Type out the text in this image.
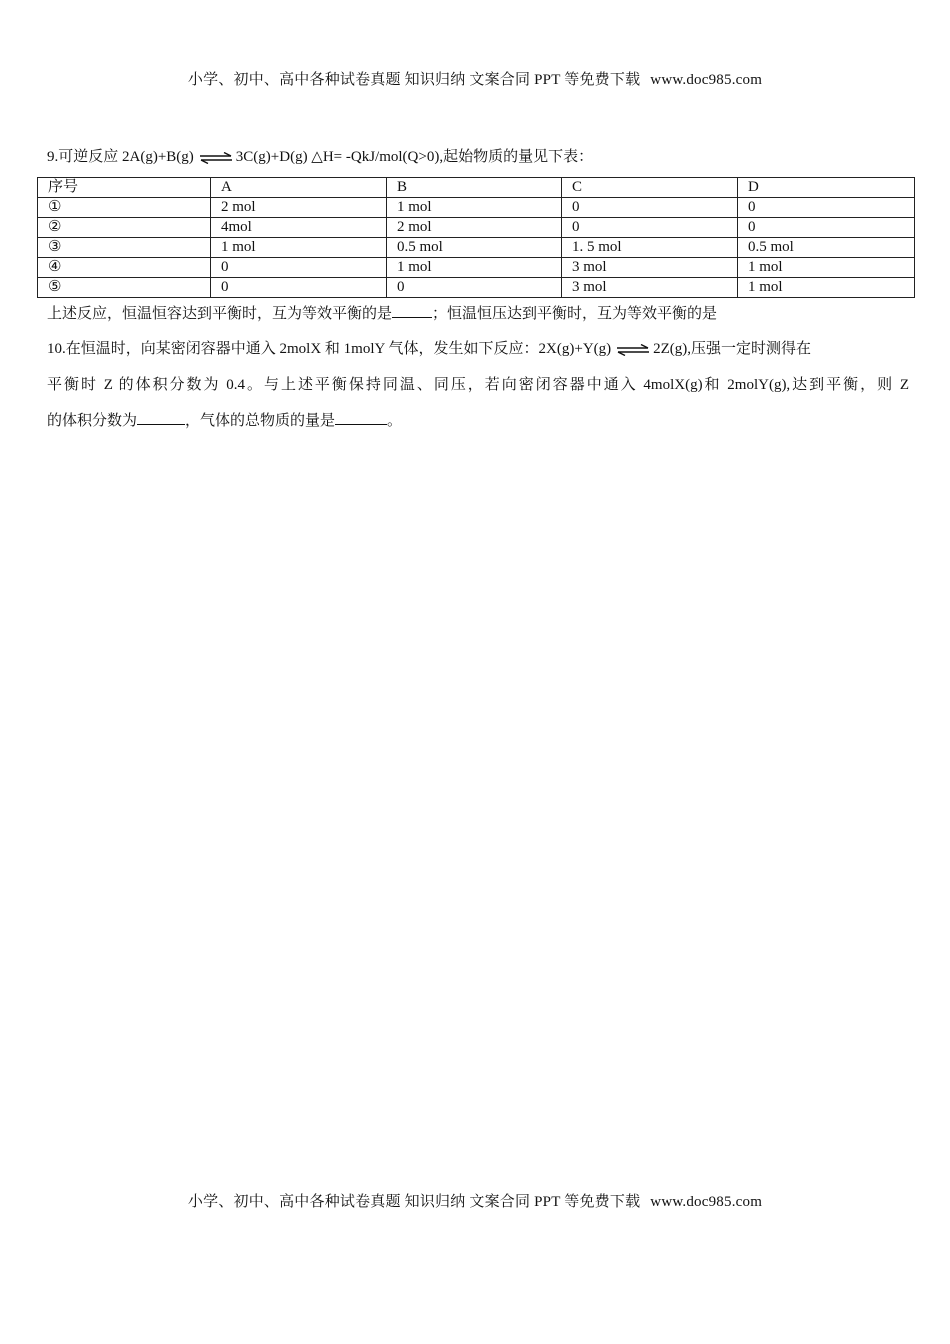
小学、初中、高中各种试卷真题 知识归纳 文案合同 PPT 等免费下载 www.doc985.com
9.可逆反应 2A(g)+B(g) ⇌ 3C(g)+D(g) △H= -QkJ/mol(Q>0),起始物质的量见下表：
序号	A	B	C	D
①	2 mol	1 mol	0	0
②	4mol	2 mol	0	0
③	1 mol	0.5 mol	1. 5 mol	0.5 mol
④	0	1 mol	3 mol	1 mol
⑤	0	0	3 mol	1 mol
上述反应，恒温恒容达到平衡时，互为等效平衡的是	；恒温恒压达到平衡时，互为等效平衡的是
10.在恒温时，向某密闭容器中通入 2molX 和 1molY 气体，发生如下反应：2X(g)+Y(g) ⇌ 2Z(g),压强一定时测得在
平衡时 Z 的体积分数为 0.4。与上述平衡保持同温、同压，若向密闭容器中通入 4molX(g)和 2molY(g),达到平衡，则 Z
的体积分数为	，气体的总物质的量是	。
小学、初中、高中各种试卷真题 知识归纳 文案合同 PPT 等免费下载 www.doc985.com
